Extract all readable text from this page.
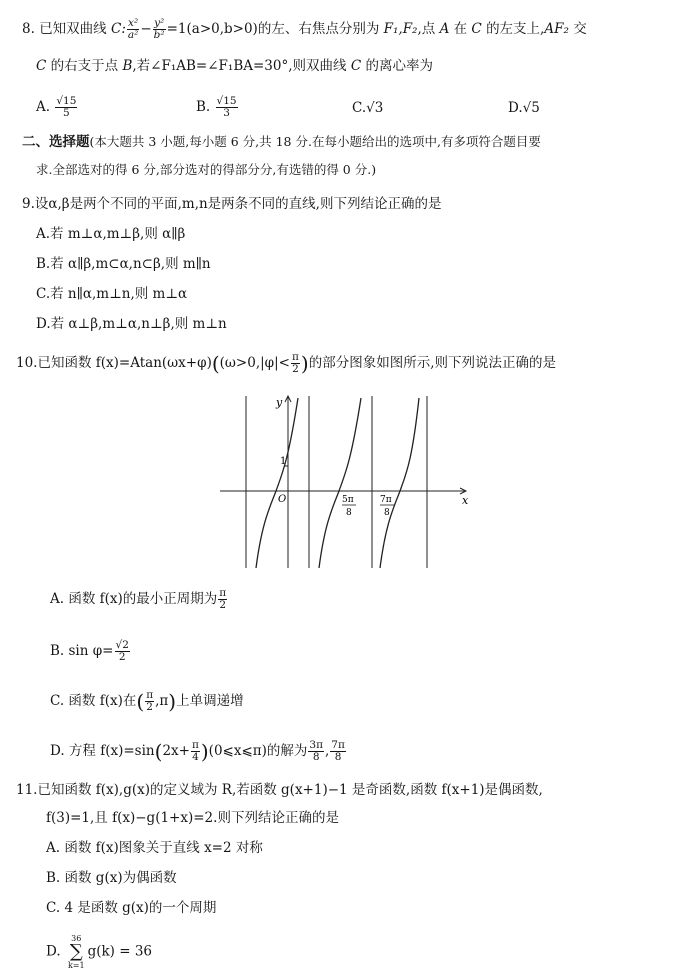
8. 已知双曲线 C: $\frac{\text{x²}}{\text{a²}} - \frac{\text{y²}}{\text{b²}} =1(a>0,b>0)$的左、右焦点分别为 F₁,F₂,点 A 在 C 的左支上,AF₂ 交
C 的右支于点 B,若∠F₁AB=∠F₁BA=30°,则双曲线 C 的离心率为
A. $\frac{√15}{5}$	B. $\frac{√15}{3}$	C.√3	D.√5
二、选择题(本大题共 3 小题,每小题 6 分,共 18 分.在每小题给出的选项中,有多项符合题目要
求.全部选对的得 6 分,部分选对的得部分分,有选错的得 0 分.)
9.设α,β是两个不同的平面,m,n是两条不同的直线,则下列结论正确的是
A.若 m⊥α,m⊥β,则 α∥β
B.若 α∥β,m⊂α,n⊂β,则 m∥n
C.若 n∥α,m⊥n,则 m⊥α
D.若 α⊥β,m⊥α,n⊥β,则 m⊥n
10.已知函数 $f(x)=Atan(\omega x+\varphi)((\omega>0,|\varphi|< \frac{\pi}{2}$ )的部分图象如图所示,则下列说法正确的是
y
x
O
1
5π
8
7π
8
A. 函数 f(x)的最小正周期为 $\frac{\pi}{2}$
B. $\sin \varphi= \frac{√2}{2}$
C. 函数 f(x)在( $\frac{\pi}{2} ,\pi$)上单调递增
D. 方程 $f(x)=\sin(2x+ \frac{\pi}{4}$ )(0⩽x⩽π)的解为 $\frac{3\pi}{8}$ , $\frac{7\pi}{8}$
11.已知函数 f(x),g(x)的定义域为 R,若函数 g(x+1)−1 是奇函数,函数 f(x+1)是偶函数,
f(3)=1,且 f(x)−g(1+x)=2.则下列结论正确的是
A. 函数 f(x)图象关于直线 x=2 对称
B. 函数 g(x)为偶函数
C. 4 是函数 g(x)的一个周期
D. 36
∑
k=1g(k) = 36
